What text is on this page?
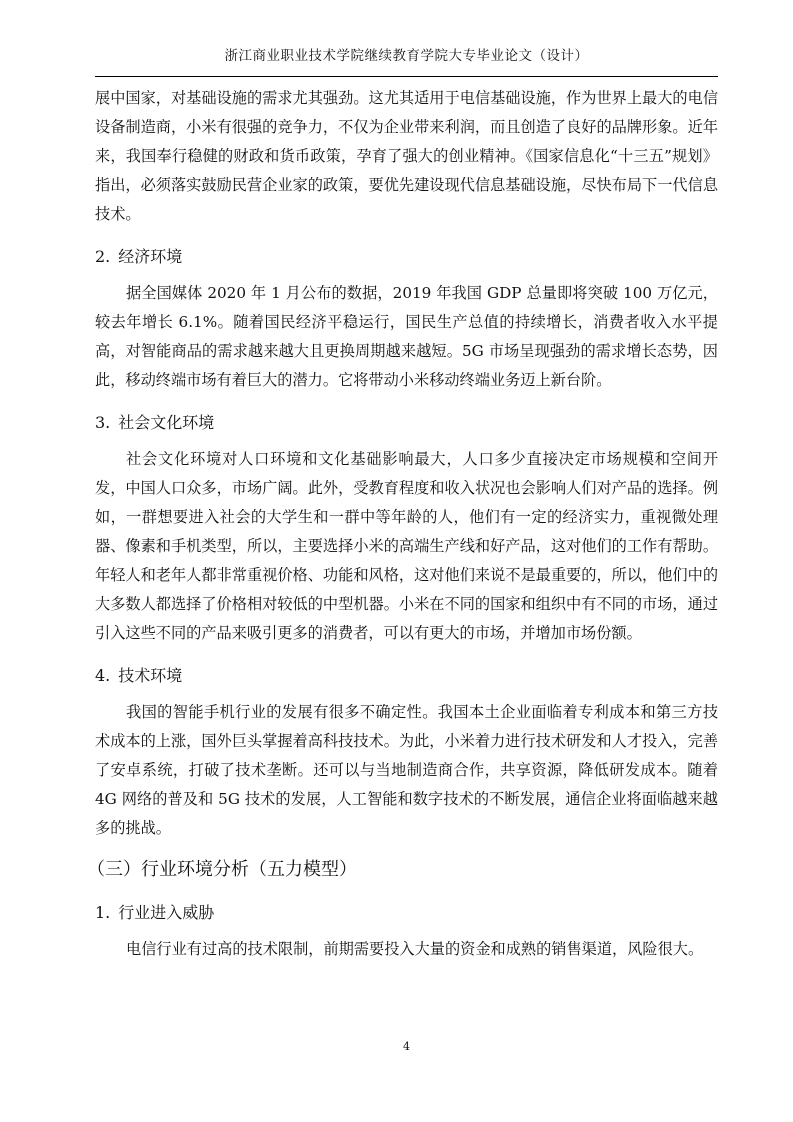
浙江商业职业技术学院继续教育学院大专毕业论文（设计）

展中国家，对基础设施的需求尤其强劲。这尤其适用于电信基础设施，作为世界上最大的电信设备制造商，小米有很强的竞争力，不仅为企业带来利润，而且创造了良好的品牌形象。近年来，我国奉行稳健的财政和货币政策，孕育了强大的创业精神。《国家信息化“十三五”规划》指出，必须落实鼓励民营企业家的政策，要优先建设现代信息基础设施，尽快布局下一代信息技术。

2. 经济环境

据全国媒体 2020 年 1 月公布的数据，2019 年我国 GDP 总量即将突破 100 万亿元，较去年增长 6.1%。随着国民经济平稳运行，国民生产总值的持续增长，消费者收入水平提高，对智能商品的需求越来越大且更换周期越来越短。5G 市场呈现强劲的需求增长态势，因此，移动终端市场有着巨大的潜力。它将带动小米移动终端业务迈上新台阶。

3. 社会文化环境

社会文化环境对人口环境和文化基础影响最大，人口多少直接决定市场规模和空间开发，中国人口众多，市场广阔。此外，受教育程度和收入状况也会影响人们对产品的选择。例如，一群想要进入社会的大学生和一群中等年龄的人，他们有一定的经济实力，重视微处理器、像素和手机类型，所以，主要选择小米的高端生产线和好产品，这对他们的工作有帮助。年轻人和老年人都非常重视价格、功能和风格，这对他们来说不是最重要的，所以，他们中的大多数人都选择了价格相对较低的中型机器。小米在不同的国家和组织中有不同的市场，通过引入这些不同的产品来吸引更多的消费者，可以有更大的市场，并增加市场份额。

4. 技术环境

我国的智能手机行业的发展有很多不确定性。我国本土企业面临着专利成本和第三方技术成本的上涨，国外巨头掌握着高科技技术。为此，小米着力进行技术研发和人才投入，完善了安卓系统，打破了技术垄断。还可以与当地制造商合作，共享资源，降低研发成本。随着 4G 网络的普及和 5G 技术的发展，人工智能和数字技术的不断发展，通信企业将面临越来越多的挑战。

（三）行业环境分析（五力模型）
1. 行业进入威胁

电信行业有过高的技术限制，前期需要投入大量的资金和成熟的销售渠道，风险很大。

4
